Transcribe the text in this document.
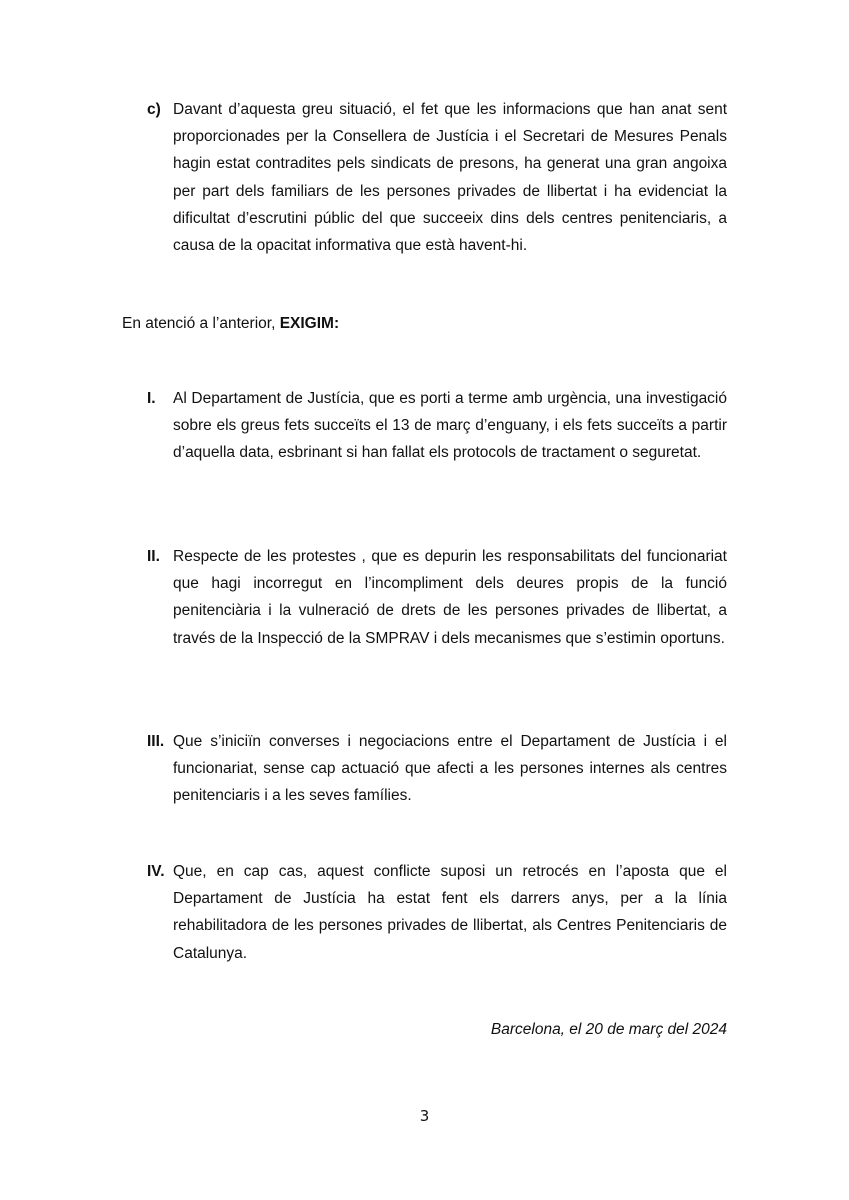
c) Davant d’aquesta greu situació, el fet que les informacions que han anat sent proporcionades per la Consellera de Justícia i el Secretari de Mesures Penals hagin estat contradites pels sindicats de presons, ha generat una gran angoixa per part dels familiars de les persones privades de llibertat i ha evidenciat la dificultat d’escrutini públic del que succeeix dins dels centres penitenciaris, a causa de la opacitat informativa que està havent-hi.

En atenció a l’anterior, EXIGIM:
I. Al Departament de Justícia, que es porti a terme amb urgència, una investigació sobre els greus fets succeïts el 13 de març d’enguany, i els fets succeïts a partir d’aquella data, esbrinant si han fallat els protocols de tractament o seguretat.

II. Respecte de les protestes , que es depurin les responsabilitats del funcionariat que hagi incorregut en l’incompliment dels deures propis de la funció penitenciària i la vulneració de drets de les persones privades de llibertat, a través de la Inspecció de la SMPRAV i dels mecanismes que s’estimin oportuns.

III. Que s’iniciïn converses i negociacions entre el Departament de Justícia i el funcionariat, sense cap actuació que afecti a les persones internes als centres penitenciaris i a les seves famílies.

IV. Que, en cap cas, aquest conflicte suposi un retrocés en l’aposta que el Departament de Justícia ha estat fent els darrers anys, per a la línia rehabilitadora de les persones privades de llibertat, als Centres Penitenciaris de Catalunya.

Barcelona, el 20 de març del 2024
3
